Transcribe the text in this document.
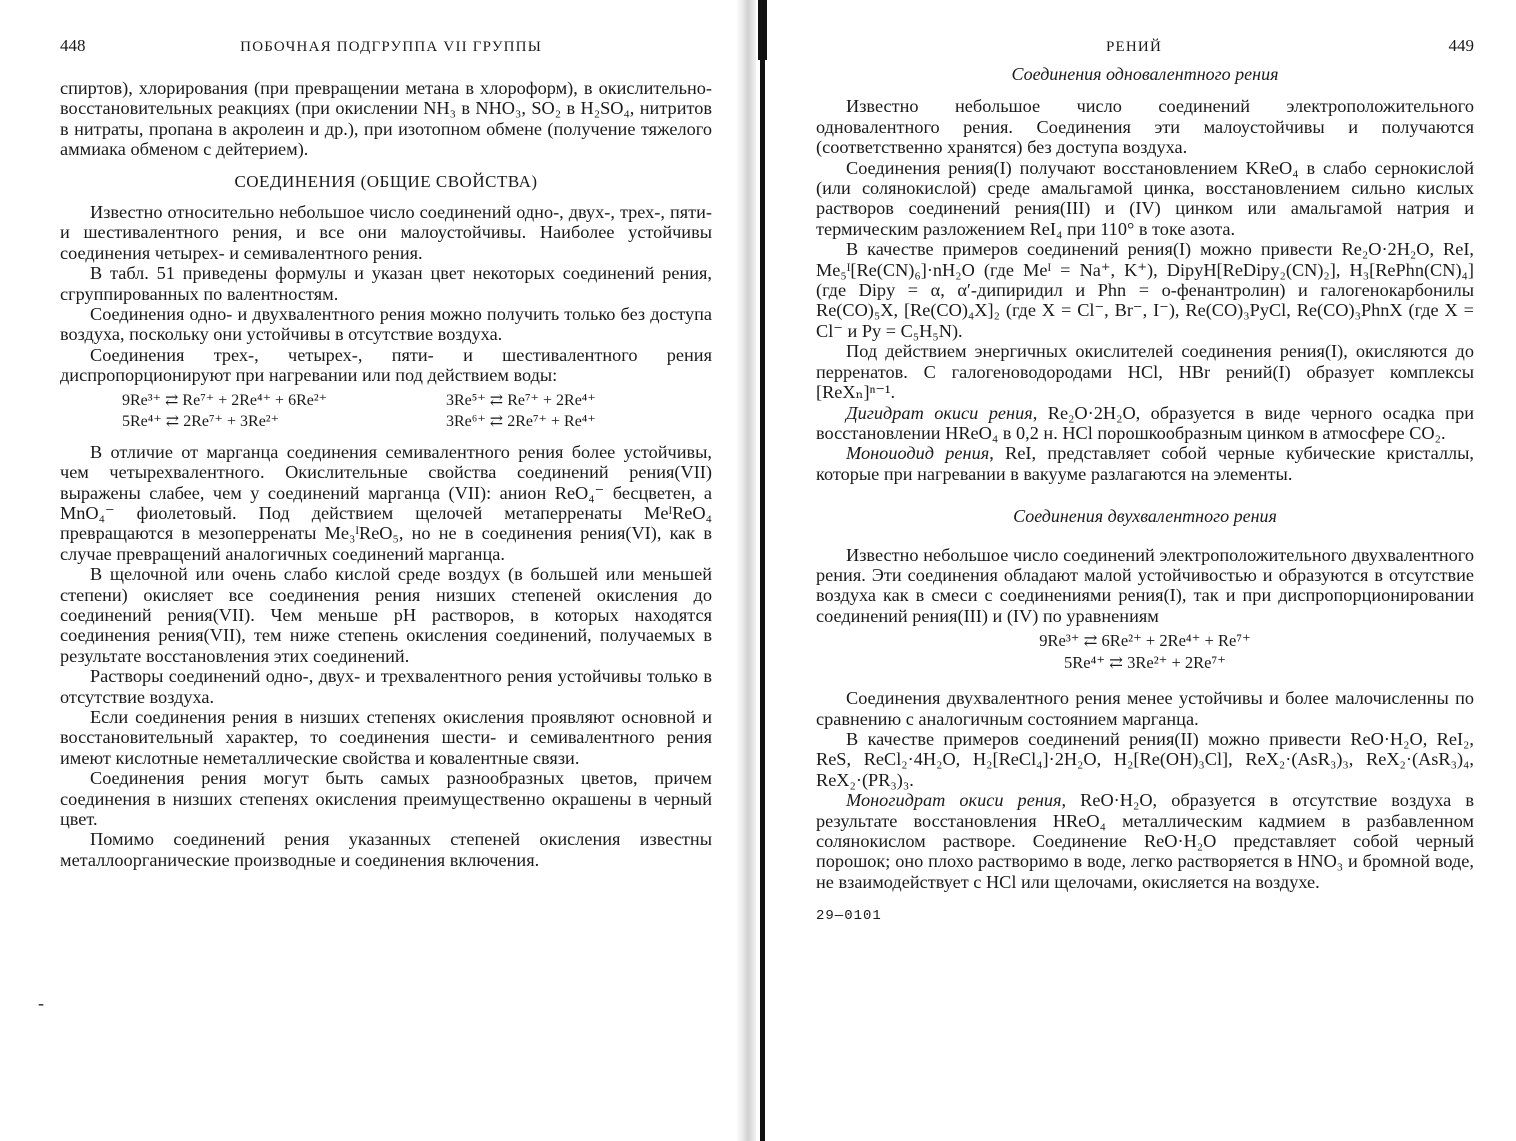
448	ПОБОЧНАЯ ПОДГРУППА VII ГРУППЫ

спиртов), хлорирования (при превращении метана в хлороформ), в окислительно-восстановительных реакциях (при окислении NH₃ в NHO₃, SO₂ в H₂SO₄, нитритов в нитраты, пропана в акролеин и др.), при изотопном обмене (получение тяжелого аммиака обменом с дейтерием).

СОЕДИНЕНИЯ (ОБЩИЕ СВОЙСТВА)

Известно относительно небольшое число соединений одно-, двух-, трех-, пяти- и шестивалентного рения, и все они малоустойчивы. Наиболее устойчивы соединения четырех- и семивалентного рения.

В табл. 51 приведены формулы и указан цвет некоторых соединений рения, сгруппированных по валентностям.

Соединения одно- и двухвалентного рения можно получить только без доступа воздуха, поскольку они устойчивы в отсутствие воздуха.

Соединения трех-, четырех-, пяти- и шестивалентного рения диспропорционируют при нагревании или под действием воды:

9Re³⁺ ⇄ Re⁷⁺ + 2Re⁴⁺ + 6Re²⁺	3Re⁵⁺ ⇄ Re⁷⁺ + 2Re⁴⁺
5Re⁴⁺ ⇄ 2Re⁷⁺ + 3Re²⁺	3Re⁶⁺ ⇄ 2Re⁷⁺ + Re⁴⁺

В отличие от марганца соединения семивалентного рения более устойчивы, чем четырехвалентного. Окислительные свойства соединений рения(VII) выражены слабее, чем у соединений марганца (VII): анион ReO₄⁻ бесцветен, а MnO₄⁻ фиолетовый. Под действием щелочей метаперренаты MeᴵReO₄ превращаются в мезоперренаты Me₃ᴵReO₅, но не в соединения рения(VI), как в случае превращений аналогичных соединений марганца.

В щелочной или очень слабо кислой среде воздух (в большей или меньшей степени) окисляет все соединения рения низших степеней окисления до соединений рения(VII). Чем меньше pH растворов, в которых находятся соединения рения(VII), тем ниже степень окисления соединений, получаемых в результате восстановления этих соединений.

Растворы соединений одно-, двух- и трехвалентного рения устойчивы только в отсутствие воздуха.

Если соединения рения в низших степенях окисления проявляют основной и восстановительный характер, то соединения шести- и семивалентного рения имеют кислотные неметаллические свойства и ковалентные связи.

Соединения рения могут быть самых разнообразных цветов, причем соединения в низших степенях окисления преимущественно окрашены в черный цвет.

Помимо соединений рения указанных степеней окисления известны металлоорганические производные и соединения включения.

-
РЕНИЙ	449
Соединения одновалентного рения

Известно небольшое число соединений электроположительного одновалентного рения. Соединения эти малоустойчивы и получаются (соответственно хранятся) без доступа воздуха.

Соединения рения(I) получают восстановлением KReO₄ в слабо сернокислой (или солянокислой) среде амальгамой цинка, восстановлением сильно кислых растворов соединений рения(III) и (IV) цинком или амальгамой натрия и термическим разложением ReI₄ при 110° в токе азота.

В качестве примеров соединений рения(I) можно привести Re₂O·2H₂O, ReI, Me₅ᴵ[Re(CN)₆]·nH₂O (где Meᴵ = Na⁺, K⁺), DipyH[ReDipy₂(CN)₂], H₃[RePhn(CN)₄] (где Dipy = α, α′-дипиридил и Phn = о-фенантролин) и галогенокарбонилы Re(CO)₅X, [Re(CO)₄X]₂ (где X = Cl⁻, Br⁻, I⁻), Re(CO)₃PyCl, Re(CO)₃PhnX (где X = Cl⁻ и Py = C₅H₅N).

Под действием энергичных окислителей соединения рения(I), окисляются до перренатов. С галогеноводородами HCl, HBr рений(I) образует комплексы [ReXₙ]ⁿ⁻¹.

Дигидрат окиси рения, Re₂O·2H₂O, образуется в виде черного осадка при восстановлении HReO₄ в 0,2 н. HCl порошкообразным цинком в атмосфере CO₂.

Моноиодид рения, ReI, представляет собой черные кубические кристаллы, которые при нагревании в вакууме разлагаются на элементы.

Соединения двухвалентного рения

Известно небольшое число соединений электроположительного двухвалентного рения. Эти соединения обладают малой устойчивостью и образуются в отсутствие воздуха как в смеси с соединениями рения(I), так и при диспропорционировании соединений рения(III) и (IV) по уравнениям

9Re³⁺ ⇄ 6Re²⁺ + 2Re⁴⁺ + Re⁷⁺
5Re⁴⁺ ⇄ 3Re²⁺ + 2Re⁷⁺

Соединения двухвалентного рения менее устойчивы и более малочисленны по сравнению с аналогичным состоянием марганца.

В качестве примеров соединений рения(II) можно привести ReO·H₂O, ReI₂, ReS, ReCl₂·4H₂O, H₂[ReCl₄]·2H₂O, H₂[Re(OH)₃Cl], ReX₂·(AsR₃)₃, ReX₂·(AsR₃)₄, ReX₂·(PR₃)₃.

Моногидрат окиси рения, ReO·H₂O, образуется в отсутствие воздуха в результате восстановления HReO₄ металлическим кадмием в разбавленном солянокислом растворе. Соединение ReO·H₂O представляет собой черный порошок; оно плохо растворимо в воде, легко растворяется в HNO₃ и бромной воде, не взаимодействует с HCl или щелочами, окисляется на воздухе.

29—0101
